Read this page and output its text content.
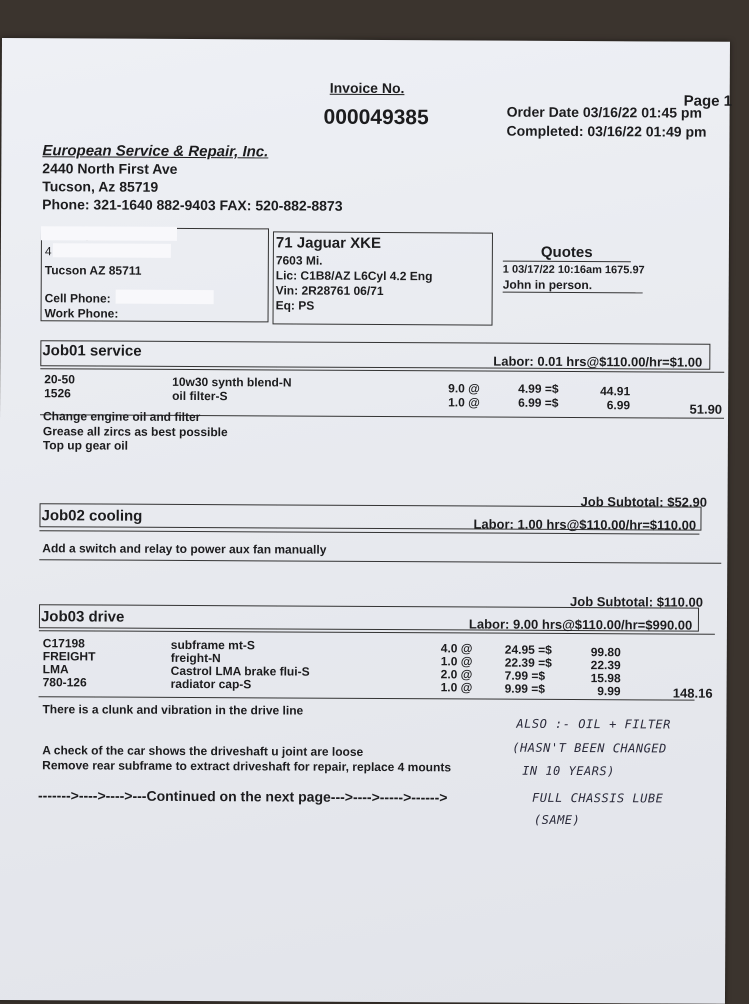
Invoice No.
000049385
Page 1
Order Date 03/16/22 01:45 pm
Completed: 03/16/22 01:49 pm
European Service & Repair, Inc.
2440 North First Ave
Tucson, Az 85719
Phone: 321-1640 882-9403 FAX: 520-882-8873
4
Tucson AZ 85711
Cell Phone:
Work Phone:
71 Jaguar XKE
7603 Mi.
Lic: C1B8/AZ L6Cyl 4.2 Eng
Vin: 2R28761 06/71
Eq: PS
Quotes
1 03/17/22 10:16am 1675.97
John in person.
Job01 service
Labor: 0.01 hrs@$110.00/hr=$1.00
20-50	10w30 synth blend-N	9.0 @	4.99 =$	44.91
1526	oil filter-S	1.0 @	6.99 =$	6.99	51.90
Change engine oil and filter
Grease all zircs as best possible
Top up gear oil
Job Subtotal: $52.90
Job02 cooling	Labor: 1.00 hrs@$110.00/hr=$110.00
Add a switch and relay to power aux fan manually
Job Subtotal: $110.00
Job03 drive	Labor: 9.00 hrs@$110.00/hr=$990.00
C17198	subframe mt-S	4.0 @	24.95 =$	99.80
FREIGHT	freight-N	1.0 @	22.39 =$	22.39
LMA	Castrol LMA brake flui-S	2.0 @	7.99 =$	15.98
780-126	radiator cap-S	1.0 @	9.99 =$	9.99	148.16
There is a clunk and vibration in the drive line
A check of the car shows the driveshaft u joint are loose
Remove rear subframe to extract driveshaft for repair, replace 4 mounts
------->---->---->---Continued on the next page--->---->----->------>
ALSO :- OIL + FILTER
(HASN'T BEEN CHANGED
IN 10 YEARS)
FULL CHASSIS LUBE
(SAME)
